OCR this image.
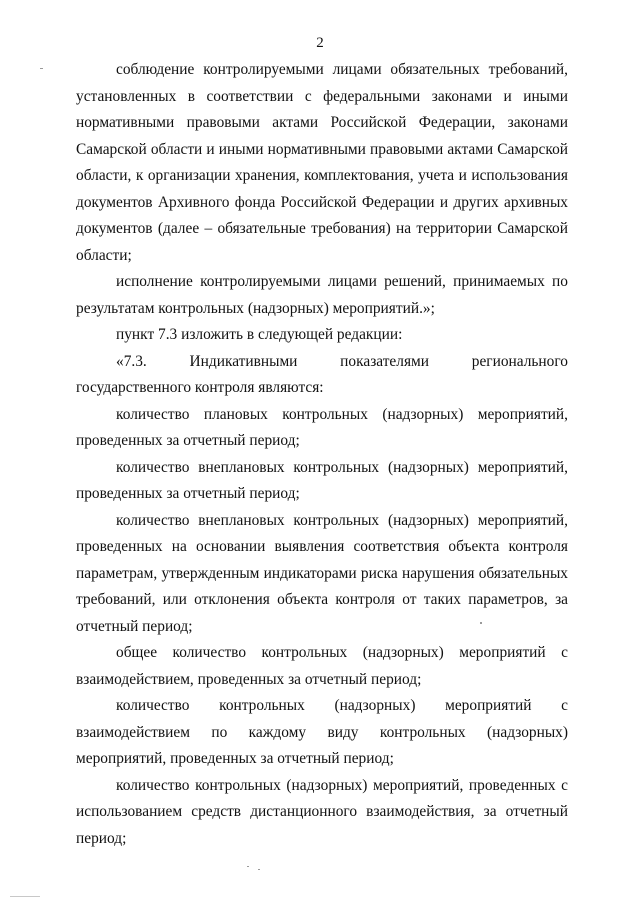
2

соблюдение контролируемыми лицами обязательных требований, установленных в соответствии с федеральными законами и иными нормативными правовыми актами Российской Федерации, законами Самарской области и иными нормативными правовыми актами Самарской области, к организации хранения, комплектования, учета и использования документов Архивного фонда Российской Федерации и других архивных документов (далее – обязательные требования) на территории Самарской области;

исполнение контролируемыми лицами решений, принимаемых по результатам контрольных (надзорных) мероприятий.»;

пункт 7.3 изложить в следующей редакции:

«7.3. Индикативными показателями регионального государственного контроля являются:

количество плановых контрольных (надзорных) мероприятий, проведенных за отчетный период;

количество внеплановых контрольных (надзорных) мероприятий, проведенных за отчетный период;

количество внеплановых контрольных (надзорных) мероприятий, проведенных на основании выявления соответствия объекта контроля параметрам, утвержденным индикаторами риска нарушения обязательных требований, или отклонения объекта контроля от таких параметров, за отчетный период;

общее количество контрольных (надзорных) мероприятий с взаимодействием, проведенных за отчетный период;

количество контрольных (надзорных) мероприятий с взаимодействием по каждому виду контрольных (надзорных) мероприятий, проведенных за отчетный период;

количество контрольных (надзорных) мероприятий, проведенных с использованием средств дистанционного взаимодействия, за отчетный период;
